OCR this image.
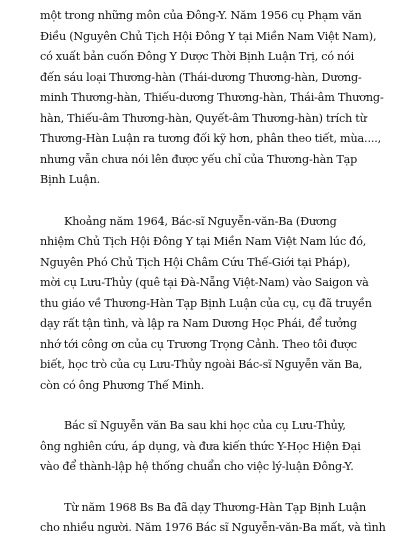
một trong những môn của Đông-Y. Năm 1956 cụ Phạm văn
Điều (Nguyên Chủ Tịch Hội Đông Y tại Miền Nam Việt Nam),
có xuất bản cuốn Đông Y Dược Thời Bịnh Luận Trị, có nói
đến sáu loại Thương-hàn (Thái-dương Thương-hàn, Dương-
minh Thương-hàn, Thiếu-dương Thương-hàn, Thái-âm Thương-
hàn, Thiếu-âm Thương-hàn, Quyết-âm Thương-hàn) trích từ
Thương-Hàn Luận ra tương đối kỹ hơn, phân theo tiết, mùa....,
nhưng vẫn chưa nói lên được yếu chỉ của Thương-hàn Tạp
Bịnh Luận.

Khoảng năm 1964, Bác-sĩ Nguyễn-văn-Ba (Đương
nhiệm Chủ Tịch Hội Đông Y tại Miền Nam Việt Nam lúc đó,
Nguyên Phó Chủ Tịch Hội Châm Cứu Thế-Giới tại Pháp),
mời cụ Lưu-Thủy (quê tại Đà-Nẵng Việt-Nam) vào Saigon và
thu giáo về Thương-Hàn Tạp Bịnh Luận của cụ, cụ đã truyền
dạy rất tận tình, và lập ra Nam Dương Học Phái, để tưởng
nhớ tới công ơn của cụ Trương Trọng Cảnh. Theo tôi được
biết, học trò của cụ Lưu-Thủy ngoài Bác-sĩ Nguyễn văn Ba,
còn có ông Phương Thế Minh.

Bác sĩ Nguyễn văn Ba sau khi học của cụ Lưu-Thủy,
ông nghiên cứu, áp dụng, và đưa kiến thức Y-Học Hiện Đại
vào để thành-lập hệ thống chuẩn cho việc lý-luận Đông-Y.

Từ năm 1968 Bs Ba đã dạy Thương-Hàn Tạp Bịnh Luận
cho nhiều người. Năm 1976 Bác sĩ Nguyễn-văn-Ba mất, và tình
